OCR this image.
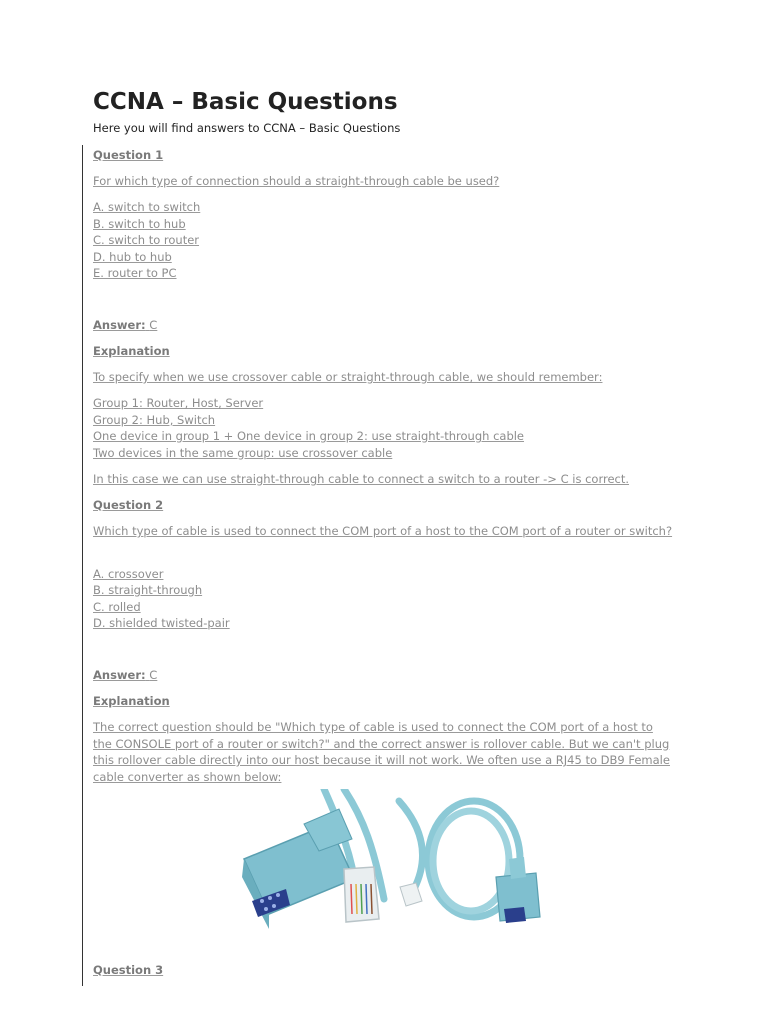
CCNA – Basic Questions
Here you will find answers to CCNA – Basic Questions
Question 1
For which type of connection should a straight-through cable be used?
A. switch to switch
B. switch to hub
C. switch to router
D. hub to hub
E. router to PC
Answer: C
Explanation
To specify when we use crossover cable or straight-through cable, we should remember:
Group 1: Router, Host, Server
Group 2: Hub, Switch
One device in group 1 + One device in group 2: use straight-through cable
Two devices in the same group: use crossover cable
In this case we can use straight-through cable to connect a switch to a router -> C is correct.
Question 2
Which type of cable is used to connect the COM port of a host to the COM port of a router or switch?
A. crossover
B. straight-through
C. rolled
D. shielded twisted-pair
Answer: C
Explanation
The correct question should be "Which type of cable is used to connect the COM port of a host to the CONSOLE port of a router or switch?" and the correct answer is rollover cable. But we can't plug this rollover cable directly into our host because it will not work. We often use a RJ45 to DB9 Female cable converter as shown below:
Question 3
